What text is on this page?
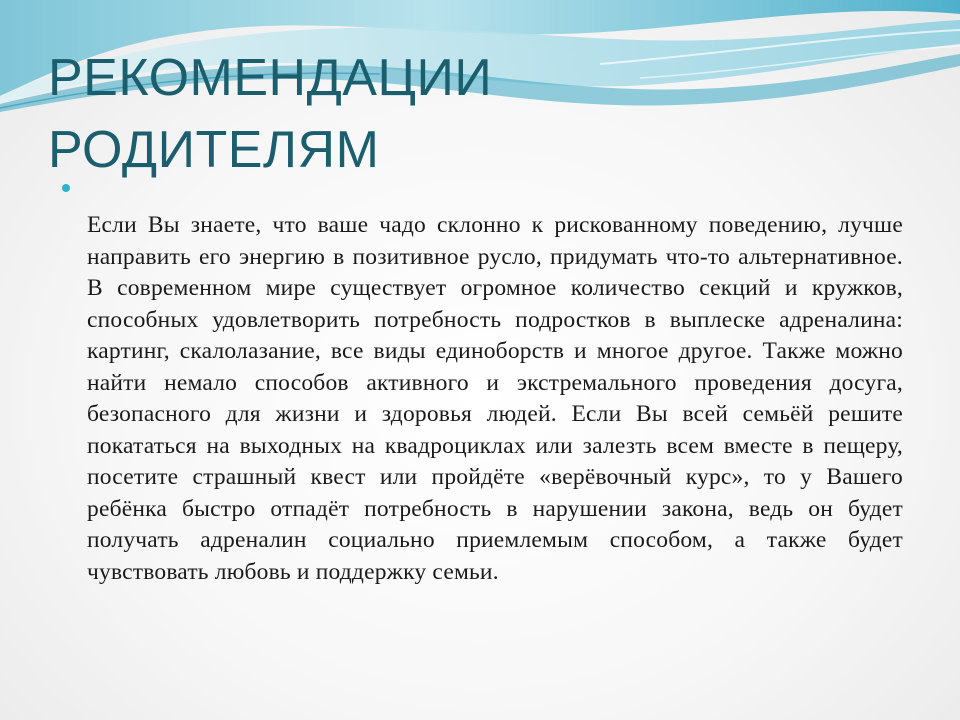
РЕКОМЕНДАЦИИ
РОДИТЕЛЯМ

Если Вы знаете, что ваше чадо склонно к рискованному поведению, лучше направить его энергию в позитивное русло, придумать что-то альтернативное. В современном мире существует огромное количество секций и кружков, способных удовлетворить потребность подростков в выплеске адреналина: картинг, скалолазание, все виды единоборств и многое другое. Также можно найти немало способов активного и экстремального проведения досуга, безопасного для жизни и здоровья людей. Если Вы всей семьёй решите покататься на выходных на квадроциклах или залезть всем вместе в пещеру, посетите страшный квест или пройдёте «верёвочный курс», то у Вашего ребёнка быстро отпадёт потребность в нарушении закона, ведь он будет получать адреналин социально приемлемым способом, а также будет чувствовать любовь и поддержку семьи.
